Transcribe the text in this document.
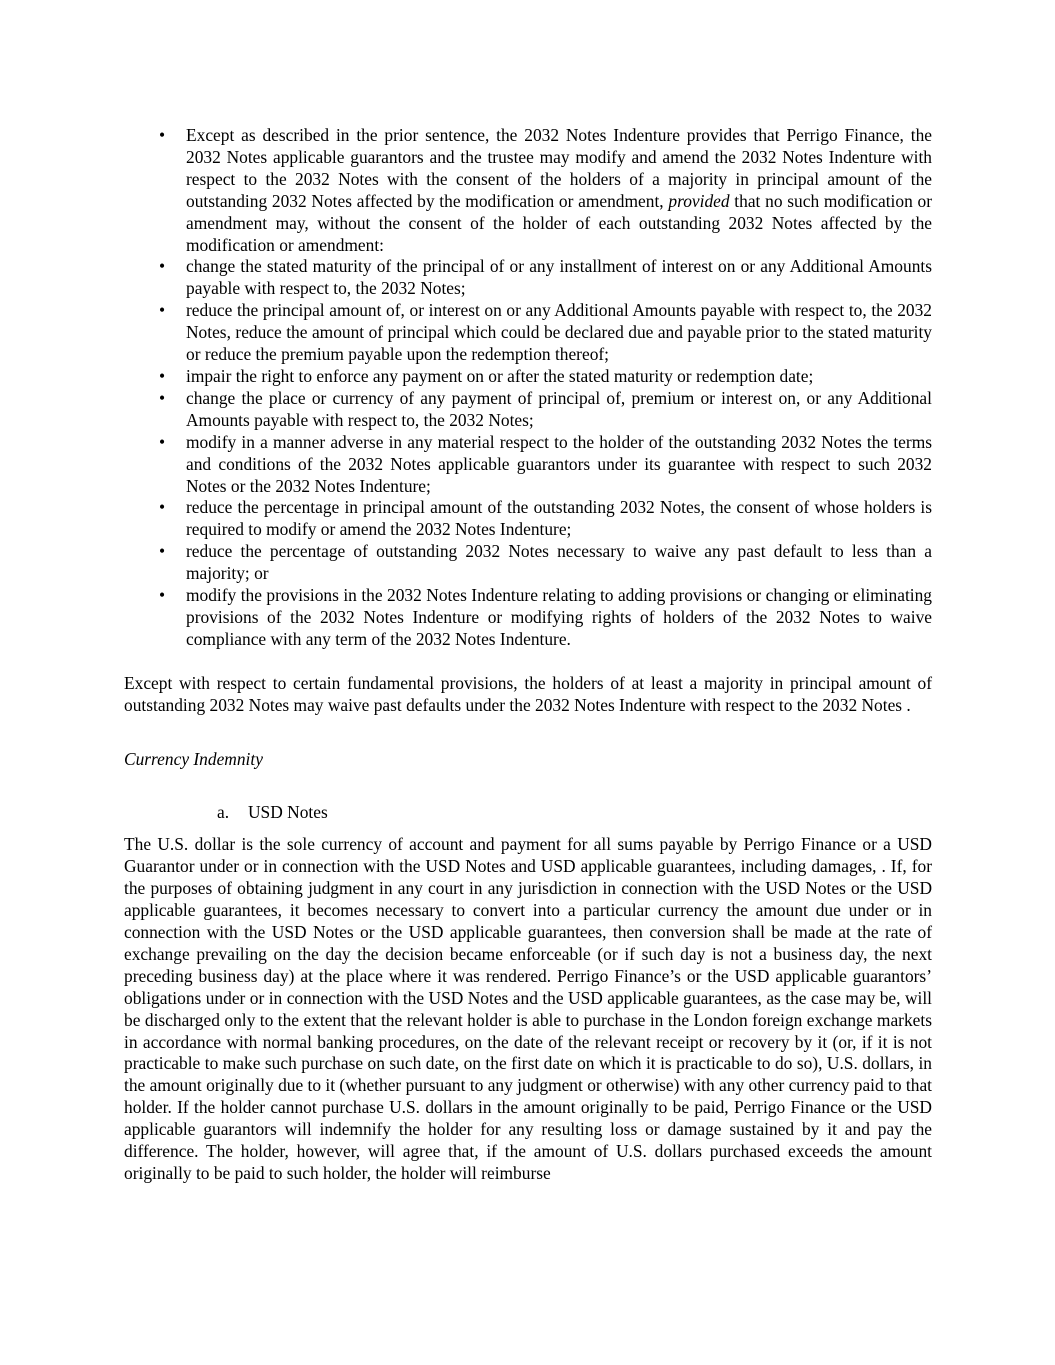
• Except as described in the prior sentence, the 2032 Notes Indenture provides that Perrigo Finance, the 2032 Notes applicable guarantors and the trustee may modify and amend the 2032 Notes Indenture with respect to the 2032 Notes with the consent of the holders of a majority in principal amount of the outstanding 2032 Notes affected by the modification or amendment, provided that no such modification or amendment may, without the consent of the holder of each outstanding 2032 Notes affected by the modification or amendment:
• change the stated maturity of the principal of or any installment of interest on or any Additional Amounts payable with respect to, the 2032 Notes;
• reduce the principal amount of, or interest on or any Additional Amounts payable with respect to, the 2032 Notes, reduce the amount of principal which could be declared due and payable prior to the stated maturity or reduce the premium payable upon the redemption thereof;
• impair the right to enforce any payment on or after the stated maturity or redemption date;
• change the place or currency of any payment of principal of, premium or interest on, or any Additional Amounts payable with respect to, the 2032 Notes;
• modify in a manner adverse in any material respect to the holder of the outstanding 2032 Notes the terms and conditions of the 2032 Notes applicable guarantors under its guarantee with respect to such 2032 Notes or the 2032 Notes Indenture;
• reduce the percentage in principal amount of the outstanding 2032 Notes, the consent of whose holders is required to modify or amend the 2032 Notes Indenture;
• reduce the percentage of outstanding 2032 Notes necessary to waive any past default to less than a majority; or
• modify the provisions in the 2032 Notes Indenture relating to adding provisions or changing or eliminating provisions of the 2032 Notes Indenture or modifying rights of holders of the 2032 Notes to waive compliance with any term of the 2032 Notes Indenture.

Except with respect to certain fundamental provisions, the holders of at least a majority in principal amount of outstanding 2032 Notes may waive past defaults under the 2032 Notes Indenture with respect to the 2032 Notes .

Currency Indemnity

a. USD Notes

The U.S. dollar is the sole currency of account and payment for all sums payable by Perrigo Finance or a USD Guarantor under or in connection with the USD Notes and USD applicable guarantees, including damages, . If, for the purposes of obtaining judgment in any court in any jurisdiction in connection with the USD Notes or the USD applicable guarantees, it becomes necessary to convert into a particular currency the amount due under or in connection with the USD Notes or the USD applicable guarantees, then conversion shall be made at the rate of exchange prevailing on the day the decision became enforceable (or if such day is not a business day, the next preceding business day) at the place where it was rendered. Perrigo Finance’s or the USD applicable guarantors’ obligations under or in connection with the USD Notes and the USD applicable guarantees, as the case may be, will be discharged only to the extent that the relevant holder is able to purchase in the London foreign exchange markets in accordance with normal banking procedures, on the date of the relevant receipt or recovery by it (or, if it is not practicable to make such purchase on such date, on the first date on which it is practicable to do so), U.S. dollars, in the amount originally due to it (whether pursuant to any judgment or otherwise) with any other currency paid to that holder. If the holder cannot purchase U.S. dollars in the amount originally to be paid, Perrigo Finance or the USD applicable guarantors will indemnify the holder for any resulting loss or damage sustained by it and pay the difference. The holder, however, will agree that, if the amount of U.S. dollars purchased exceeds the amount originally to be paid to such holder, the holder will reimburse
